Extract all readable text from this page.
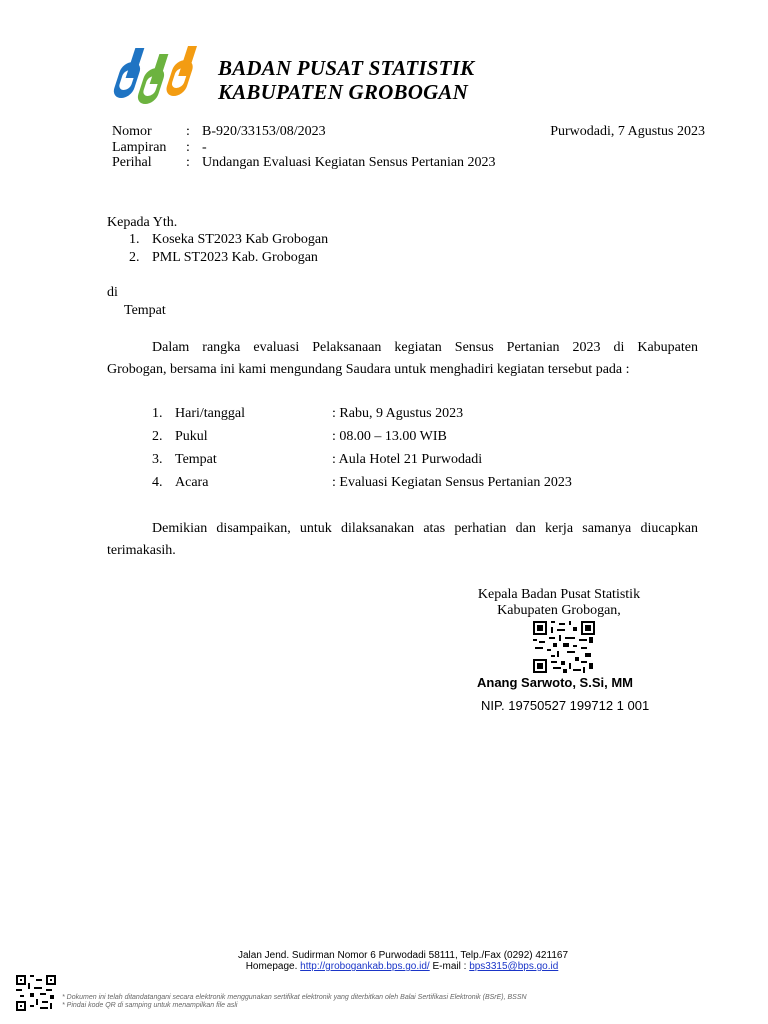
BADAN PUSAT STATISTIK
KABUPATEN GROBOGAN
Nomor : B-920/33153/08/2023
Lampiran : -
Perihal : Undangan Evaluasi Kegiatan Sensus Pertanian 2023
Purwodadi, 7 Agustus 2023
Kepada Yth.
1. Koseka ST2023 Kab Grobogan
2. PML ST2023 Kab. Grobogan
di
Tempat
Dalam rangka evaluasi Pelaksanaan kegiatan Sensus Pertanian 2023 di Kabupaten
Grobogan, bersama ini kami mengundang Saudara untuk menghadiri kegiatan tersebut pada :
1. Hari/tanggal	: Rabu, 9 Agustus 2023
2. Pukul	: 08.00 – 13.00 WIB
3. Tempat	: Aula Hotel 21 Purwodadi
4. Acara	: Evaluasi Kegiatan Sensus Pertanian 2023
Demikian disampaikan, untuk dilaksanakan atas perhatian dan kerja samanya diucapkan
terimakasih.
Kepala Badan Pusat Statistik
Kabupaten Grobogan,
Anang Sarwoto, S.Si, MM
NIP. 19750527 199712 1 001
Jalan Jend. Sudirman Nomor 6 Purwodadi 58111, Telp./Fax (0292) 421167
Homepage. http://grobogankab.bps.go.id/ E-mail : bps3315@bps.go.id
* Dokumen ini telah ditandatangani secara elektronik menggunakan sertifikat elektronik yang diterbitkan oleh Balai Sertifikasi Elektronik (BSrE), BSSN
* Pindai kode QR di samping untuk menampilkan file asli
